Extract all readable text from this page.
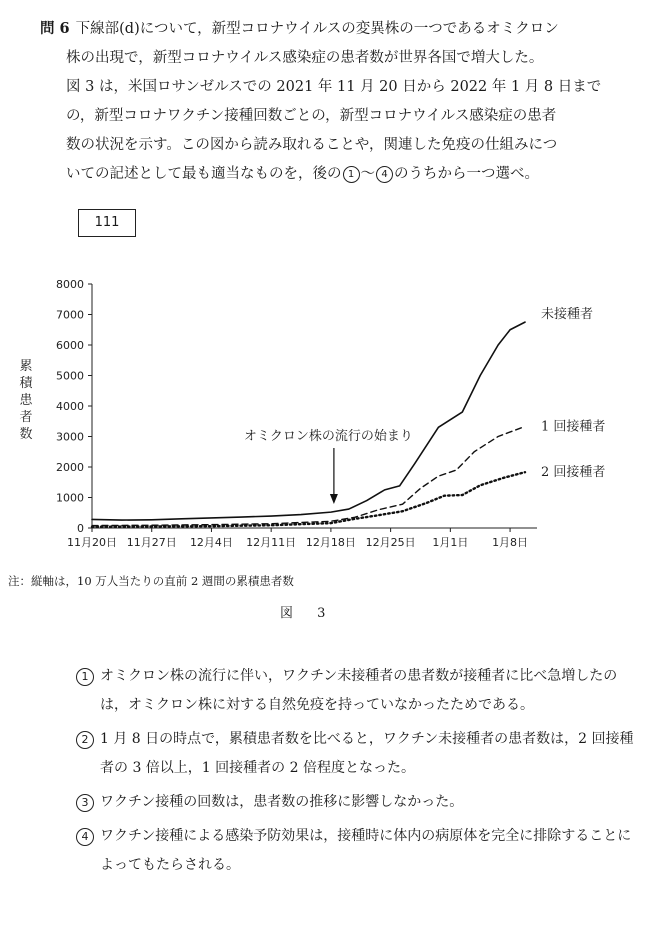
問 6 下線部(d)について，新型コロナウイルスの変異株の一つであるオミクロン
株の出現で，新型コロナウイルス感染症の患者数が世界各国で増大した。
図 3 は，米国ロサンゼルスでの 2021 年 11 月 20 日から 2022 年 1 月 8 日まで
の，新型コロナワクチン接種回数ごとの，新型コロナウイルス感染症の患者
数の状況を示す。この図から読み取れることや，関連した免疫の仕組みにつ
いての記述として最も適当なものを，後の 1 〜 4 のうちから一つ選べ。
111
0
1000
2000
3000
4000
5000
6000
7000
8000
11月20日 11月27日 12月4日 12月11日 12月18日 12月25日 1月1日 1月8日
累
積
患
者
数
未接種者
1 回接種者
2 回接種者
オミクロン株の流行の始まり
注：縦軸は，10 万人当たりの直前 2 週間の累積患者数
図 3
1 オミクロン株の流行に伴い，ワクチン未接種者の患者数が接種者に比べ急増したのは，オミクロン株に対する自然免疫を持っていなかったためである。
2 1 月 8 日の時点で，累積患者数を比べると，ワクチン未接種者の患者数は，2 回接種者の 3 倍以上，1 回接種者の 2 倍程度となった。
3 ワクチン接種の回数は，患者数の推移に影響しなかった。
4 ワクチン接種による感染予防効果は，接種時に体内の病原体を完全に排除することによってもたらされる。
